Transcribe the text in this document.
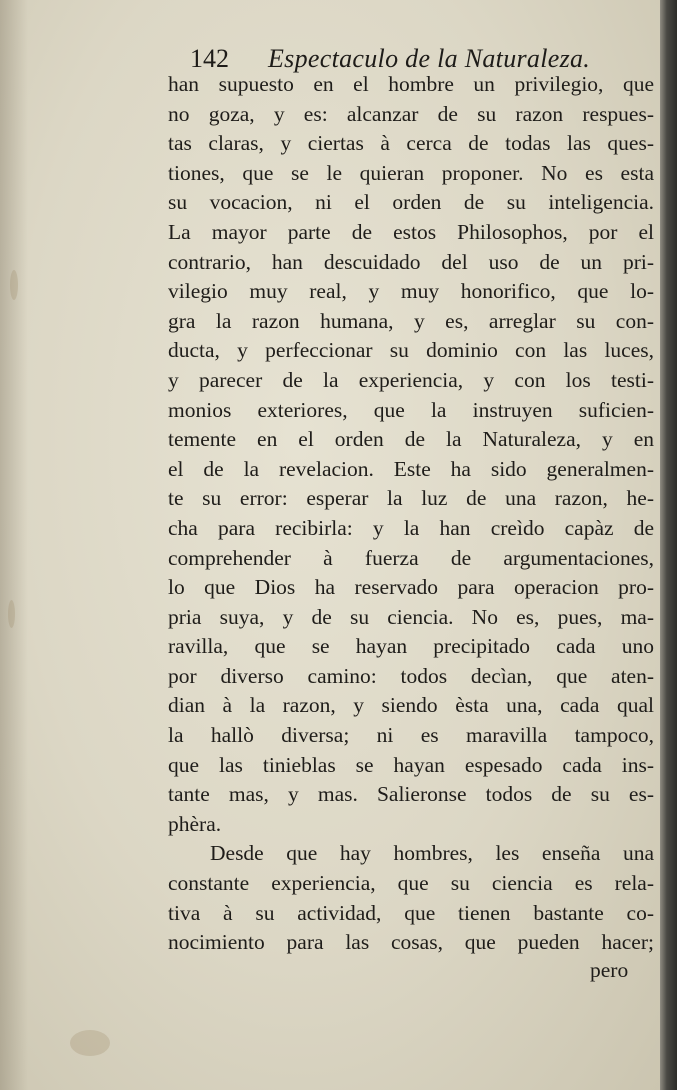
142 Espectaculo de la Naturaleza.
han supuesto en el hombre un privilegio, que
no goza, y es: alcanzar de su razon respues-
tas claras, y ciertas à cerca de todas las ques-
tiones, que se le quieran proponer. No es esta
su vocacion, ni el orden de su inteligencia.
La mayor parte de estos Philosophos, por el
contrario, han descuidado del uso de un pri-
vilegio muy real, y muy honorifico, que lo-
gra la razon humana, y es, arreglar su con-
ducta, y perfeccionar su dominio con las luces,
y parecer de la experiencia, y con los testi-
monios exteriores, que la instruyen suficien-
temente en el orden de la Naturaleza, y en
el de la revelacion. Este ha sido generalmen-
te su error: esperar la luz de una razon, he-
cha para recibirla: y la han creìdo capàz de
comprehender à fuerza de argumentaciones,
lo que Dios ha reservado para operacion pro-
pria suya, y de su ciencia. No es, pues, ma-
ravilla, que se hayan precipitado cada uno
por diverso camino: todos decìan, que aten-
dian à la razon, y siendo èsta una, cada qual
la hallò diversa; ni es maravilla tampoco,
que las tinieblas se hayan espesado cada ins-
tante mas, y mas. Salieronse todos de su es-
phèra.
Desde que hay hombres, les enseña una
constante experiencia, que su ciencia es rela-
tiva à su actividad, que tienen bastante co-
nocimiento para las cosas, que pueden hacer;
pero
